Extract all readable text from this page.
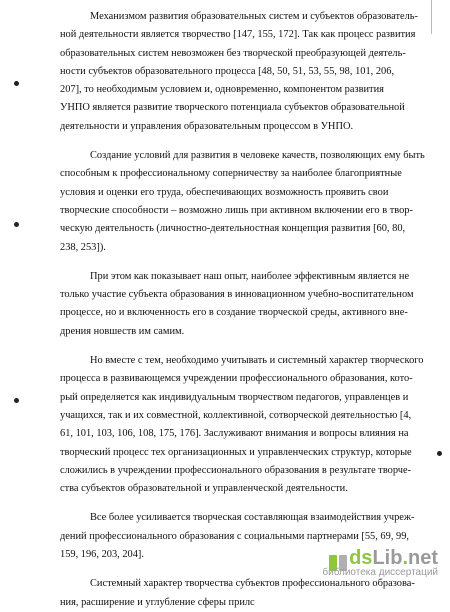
Механизмом развития образовательных систем и субъектов образователь-
ной деятельности является творчество [147, 155, 172]. Так как процесс развития
образовательных систем невозможен без творческой преобразующей деятель-
ности субъектов образовательного процесса [48, 50, 51, 53, 55, 98, 101, 206,
207], то необходимым условием и, одновременно, компонентом развития
УНПО является развитие творческого потенциала субъектов образовательной
деятельности и управления образовательным процессом в УНПО.
Создание условий для развития в человеке качеств, позволяющих ему быть
способным к профессиональному соперничеству за наиболее благоприятные
условия и оценки его труда, обеспечивающих возможность проявить свои
творческие способности – возможно лишь при активном включении его в твор-
ческую деятельность (личностно-деятельностная концепция развития [60, 80,
238, 253]).
При этом как показывает наш опыт, наиболее эффективным является не
только участие субъекта образования в инновационном учебно-воспитательном
процессе, но и включенность его в создание творческой среды, активного вне-
дрения новшеств им самим.
Но вместе с тем, необходимо учитывать и системный характер творческого
процесса в развивающемся учреждении профессионального образования, кото-
рый определяется как индивидуальным творчеством педагогов, управленцев и
учащихся, так и их совместной, коллективной, сотворческой деятельностью [4,
61, 101, 103, 106, 108, 175, 176]. Заслуживают внимания и вопросы влияния на
творческий процесс тех организационных и управленческих структур, которые
сложились в учреждении профессионального образования в результате творче-
ства субъектов образовательной и управленческой деятельности.
Все более усиливается творческая составляющая взаимодействия учреж-
дений профессионального образования с социальными партнерами [55, 69, 99,
159, 196, 203, 204].
Системный характер творчества субъектов профессионального образова-
ния, расширение и углубление сферы прилс
ds Lib . net
библиотека диссертаций
